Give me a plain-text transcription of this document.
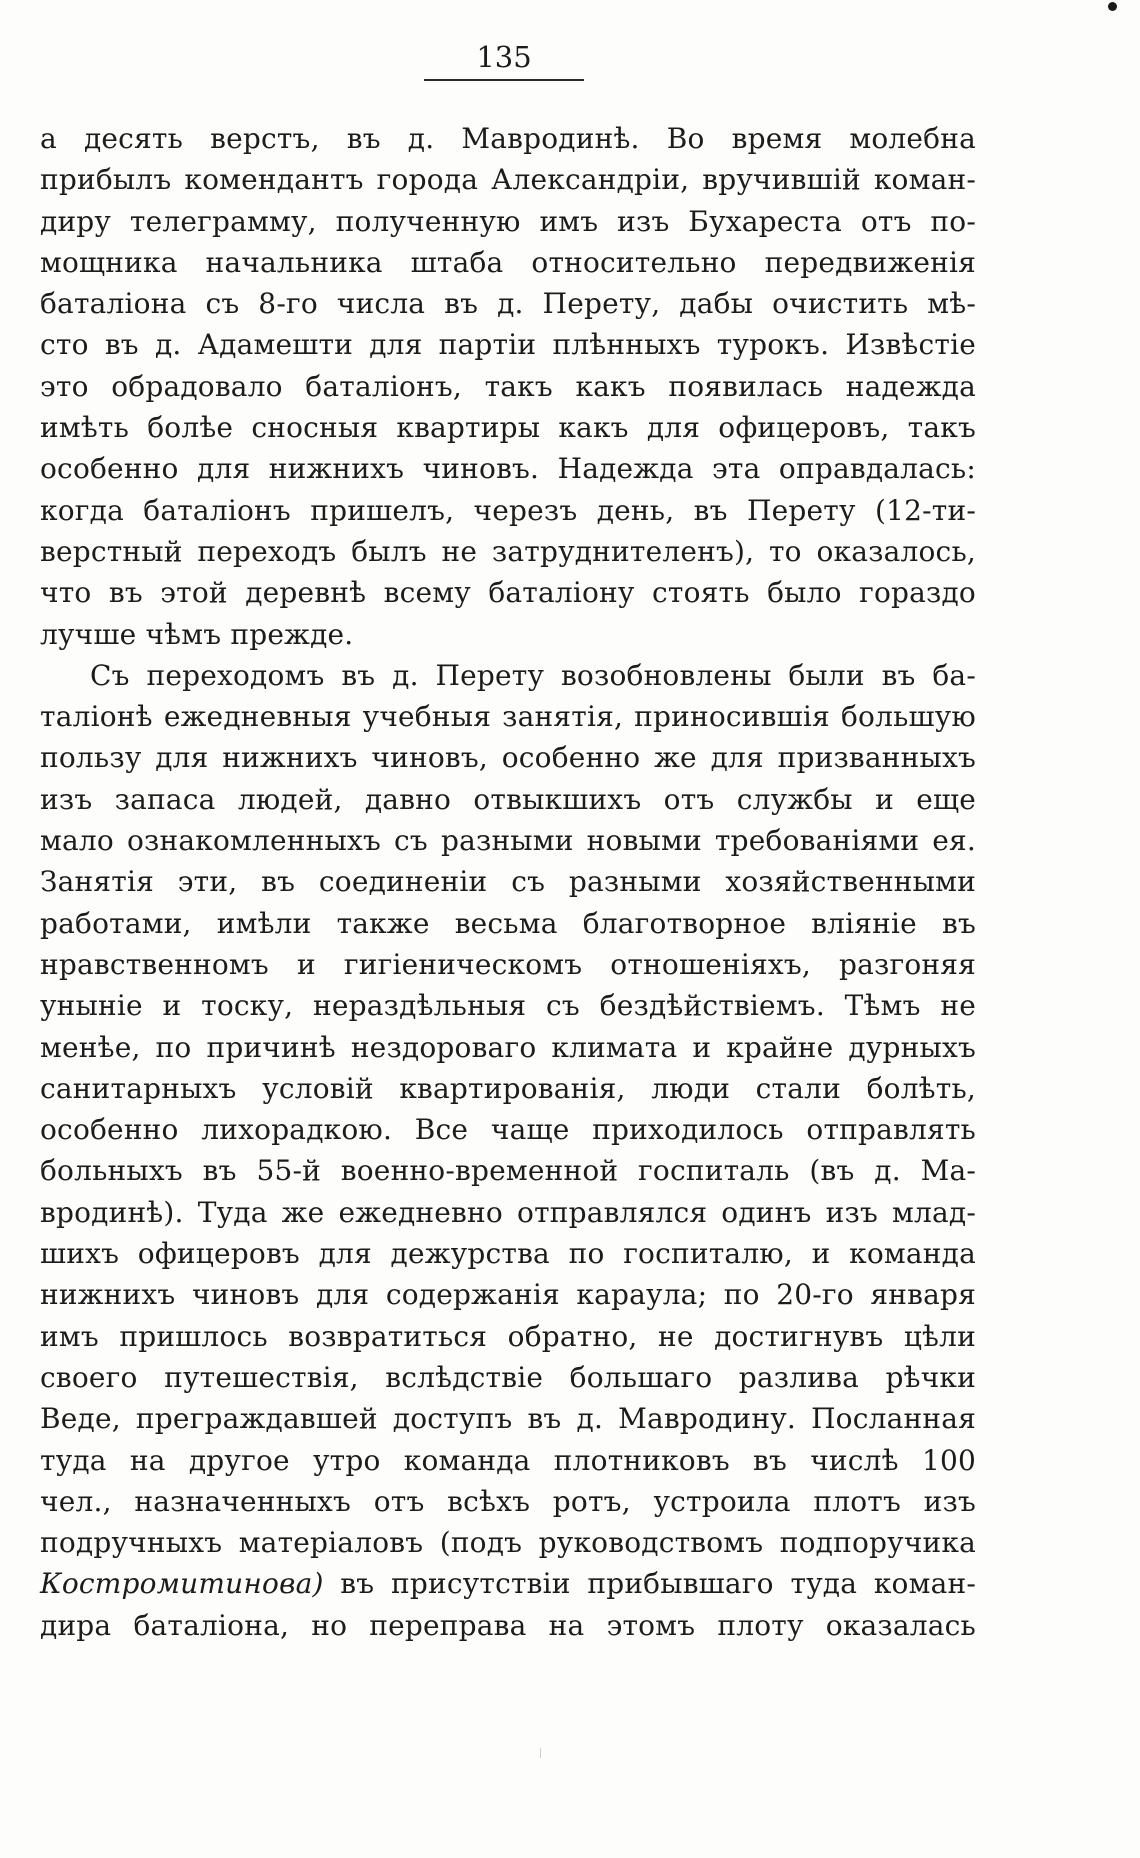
135
а десять верстъ, въ д. Мавродинѣ. Во время молебна
прибылъ комендантъ города Александріи, вручившій коман-
диру телеграмму, полученную имъ изъ Бухареста отъ по-
мощника начальника штаба относительно передвиженія
баталіона съ 8-го числа въ д. Перету, дабы очистить мѣ-
сто въ д. Адамешти для партіи плѣнныхъ турокъ. Извѣстіе
это обрадовало баталіонъ, такъ какъ появилась надежда
имѣть болѣе сносныя квартиры какъ для офицеровъ, такъ
особенно для нижнихъ чиновъ. Надежда эта оправдалась:
когда баталіонъ пришелъ, черезъ день, въ Перету (12-ти-
верстный переходъ былъ не затруднителенъ), то оказалось,
что въ этой деревнѣ всему баталіону стоять было гораздо
лучше чѣмъ прежде.
Съ переходомъ въ д. Перету возобновлены были въ ба-
таліонѣ ежедневныя учебныя занятія, приносившія большую
пользу для нижнихъ чиновъ, особенно же для призванныхъ
изъ запаса людей, давно отвыкшихъ отъ службы и еще
мало ознакомленныхъ съ разными новыми требованіями ея.
Занятія эти, въ соединеніи съ разными хозяйственными
работами, имѣли также весьма благотворное вліяніе въ
нравственномъ и гигіеническомъ отношеніяхъ, разгоняя
уныніе и тоску, нераздѣльныя съ бездѣйствіемъ. Тѣмъ не
менѣе, по причинѣ нездороваго климата и крайне дурныхъ
санитарныхъ условій квартированія, люди стали болѣть,
особенно лихорадкою. Все чаще приходилось отправлять
больныхъ въ 55-й военно-временной госпиталь (въ д. Ма-
вродинѣ). Туда же ежедневно отправлялся одинъ изъ млад-
шихъ офицеровъ для дежурства по госпиталю, и команда
нижнихъ чиновъ для содержанія караула; по 20-го января
имъ пришлось возвратиться обратно, не достигнувъ цѣли
своего путешествія, вслѣдствіе большаго разлива рѣчки
Веде, преграждавшей доступъ въ д. Мавродину. Посланная
туда на другое утро команда плотниковъ въ числѣ 100
чел., назначенныхъ отъ всѣхъ ротъ, устроила плотъ изъ
подручныхъ матеріаловъ (подъ руководствомъ подпоручика
Костромитинова) въ присутствіи прибывшаго туда коман-
дира баталіона, но переправа на этомъ плоту оказалась
